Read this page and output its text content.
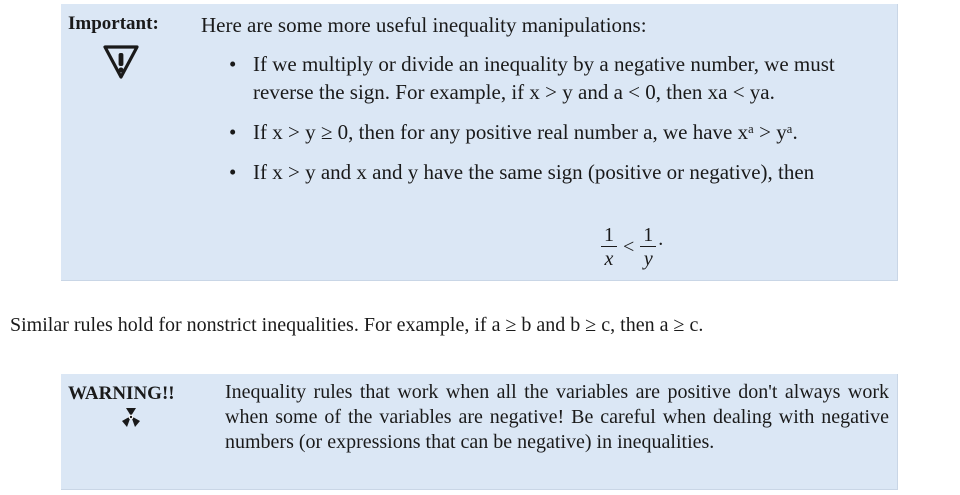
Important: Here are some more useful inequality manipulations:
• If we multiply or divide an inequality by a negative number, we must reverse the sign. For example, if x > y and a < 0, then xa < ya.
• If x > y ≥ 0, then for any positive real number a, we have xᵃ > yᵃ.
• If x > y and x and y have the same sign (positive or negative), then
$\frac{1}{x} < \frac{1}{y}$ .
Similar rules hold for nonstrict inequalities. For example, if a ≥ b and b ≥ c, then a ≥ c.
WARNING!!	Inequality rules that work when all the variables are positive don't always work when some of the variables are negative! Be careful when dealing with negative numbers (or expressions that can be negative) in inequalities.
